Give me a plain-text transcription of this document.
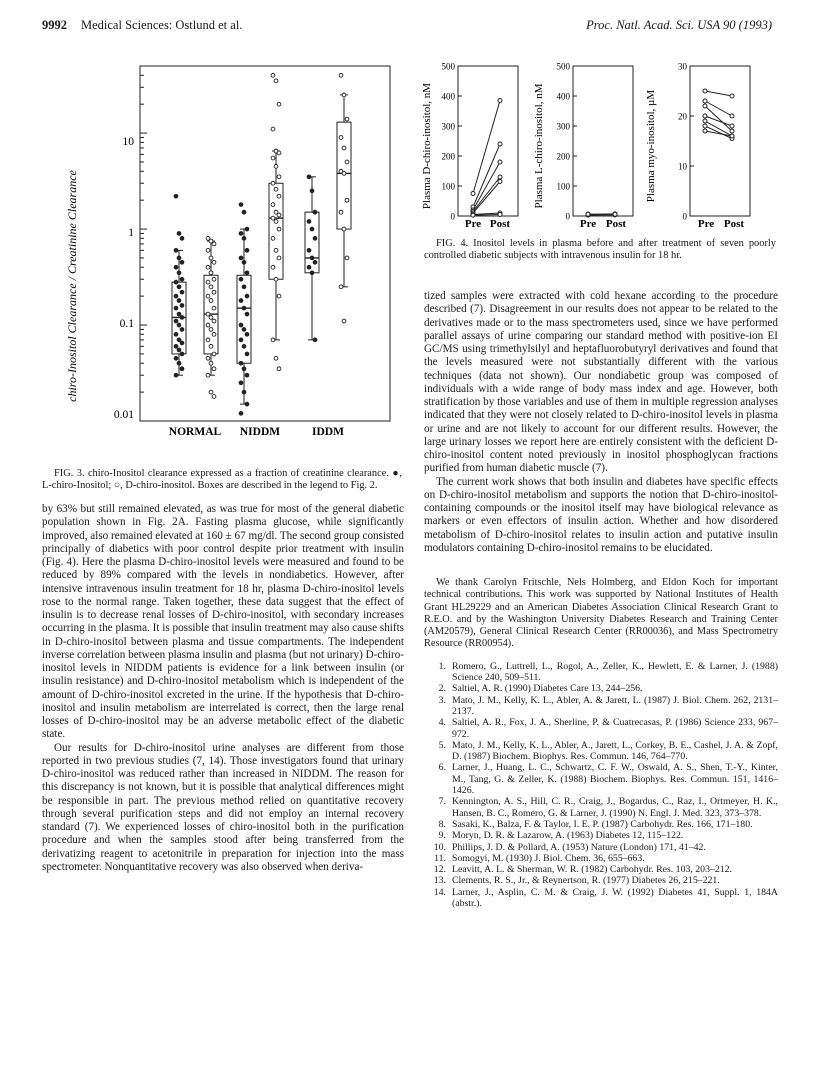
9992 Medical Sciences: Ostlund et al.	Proc. Natl. Acad. Sci. USA 90 (1993)
chiro-Inositol Clearance / Creatinine Clearance
10
1
0.1
0.01
NORMAL NIDDM	IDDM
FIG. 3. chiro-Inositol clearance expressed as a fraction of creatinine clearance. ●, L-chiro-Inositol; ○, D-chiro-inositol. Boxes are described in the legend to Fig. 2.
Plasma D-chiro-inositol, nM	Plasma L-chiro-inositol, nM	Plasma myo-inositol, µM
500
400
300
200
100
0
500
400
300
200
100
0
30
20
10
0
Pre Post	Pre Post	Pre Post
FIG. 4. Inositol levels in plasma before and after treatment of seven poorly controlled diabetic subjects with intravenous insulin for 18 hr.

by 63% but still remained elevated, as was true for most of the general diabetic population shown in Fig. 2A. Fasting plasma glucose, while significantly improved, also remained elevated at 160 ± 67 mg/dl. The second group consisted principally of diabetics with poor control despite prior treatment with insulin (Fig. 4). Here the plasma D-chiro-inositol levels were measured and found to be reduced by 89% compared with the levels in nondiabetics. However, after intensive intravenous insulin treatment for 18 hr, plasma D-chiro-inositol levels rose to the normal range. Taken together, these data suggest that the effect of insulin is to decrease renal losses of D-chiro-inositol, with secondary increases occurring in the plasma. It is possible that insulin treatment may also cause shifts in D-chiro-inositol between plasma and tissue compartments. The independent inverse correlation between plasma insulin and plasma (but not urinary) D-chiro-inositol levels in NIDDM patients is evidence for a link between insulin (or insulin resistance) and D-chiro-inositol metabolism which is independent of the amount of D-chiro-inositol excreted in the urine. If the hypothesis that D-chiro-inositol and insulin metabolism are interrelated is correct, then the large renal losses of D-chiro-inositol may be an adverse metabolic effect of the diabetic state.

Our results for D-chiro-inositol urine analyses are different from those reported in two previous studies (7, 14). Those investigators found that urinary D-chiro-inositol was reduced rather than increased in NIDDM. The reason for this discrepancy is not known, but it is possible that analytical differences might be responsible in part. The previous method relied on quantitative recovery through several purification steps and did not employ an internal recovery standard (7). We experienced losses of chiro-inositol both in the purification procedure and when the samples stood after being transferred from the derivatizing reagent to acetonitrile in preparation for injection into the mass spectrometer. Nonquantitative recovery was also observed when deriva-

tized samples were extracted with cold hexane according to the procedure described (7). Disagreement in our results does not appear to be related to the derivatives made or to the mass spectrometers used, since we have performed parallel assays of urine comparing our standard method with positive-ion EI GC/MS using trimethylsilyl and heptafluorobutyryl derivatives and found that the levels measured were not substantially different with the various techniques (data not shown). Our nondiabetic group was composed of individuals with a wide range of body mass index and age. However, both stratification by those variables and use of them in multiple regression analyses indicated that they were not closely related to D-chiro-inositol levels in plasma or urine and are not likely to account for our different results. However, the large urinary losses we report here are entirely consistent with the deficient D-chiro-inositol content noted previously in inositol phosphoglycan fractions purified from human diabetic muscle (7).

The current work shows that both insulin and diabetes have specific effects on D-chiro-inositol metabolism and supports the notion that D-chiro-inositol-containing compounds or the inositol itself may have biological relevance as markers or even effectors of insulin action. Whether and how disordered metabolism of D-chiro-inositol relates to insulin action and putative insulin modulators containing D-chiro-inositol remains to be elucidated.

We thank Carolyn Fritschle, Nels Holmberg, and Eldon Koch for important technical contributions. This work was supported by National Institutes of Health Grant HL29229 and an American Diabetes Association Clinical Research Grant to R.E.O. and by the Washington University Diabetes Research and Training Center (AM20579), General Clinical Research Center (RR00036), and Mass Spectrometry Resource (RR00954).

1. Romero, G., Luttrell, L., Rogol, A., Zeller, K., Hewlett, E. & Larner, J. (1988) Science 240, 509–511.
2. Saltiel, A. R. (1990) Diabetes Care 13, 244–256.
3. Mato, J. M., Kelly, K. L., Abler, A. & Jarett, L. (1987) J. Biol. Chem. 262, 2131–2137.
4. Saltiel, A. R., Fox, J. A., Sherline, P. & Cuatrecasas, P. (1986) Science 233, 967–972.
5. Mato, J. M., Kelly, K. L., Abler, A., Jarett, L., Corkey, B. E., Cashel, J. A. & Zopf, D. (1987) Biochem. Biophys. Res. Commun. 146, 764–770.
6. Larner, J., Huang, L. C., Schwartz, C. F. W., Oswald, A. S., Shen, T.-Y., Kinter, M., Tang, G. & Zeller, K. (1988) Biochem. Biophys. Res. Commun. 151, 1416–1426.
7. Kennington, A. S., Hill, C. R., Craig, J., Bogardus, C., Raz, I., Ortmeyer, H. K., Hansen, B. C., Romero, G. & Larner, J. (1990) N. Engl. J. Med. 323, 373–378.
8. Sasaki, K., Balza, F. & Taylor, I. E. P. (1987) Carbohydr. Res. 166, 171–180.
9. Moryn, D. R. & Lazarow, A. (1963) Diabetes 12, 115–122.
10. Phillips, J. D. & Pollard, A. (1953) Nature (London) 171, 41–42.
11. Somogyi, M. (1930) J. Biol. Chem. 36, 655–663.
12. Leavitt, A. L. & Sherman, W. R. (1982) Carbohydr. Res. 103, 203–212.
13. Clements, R. S., Jr., & Reynertson, R. (1977) Diabetes 26, 215–221.
14. Larner, J., Asplin, C. M. & Craig, J. W. (1992) Diabetes 41, Suppl. 1, 184A (abstr.).
